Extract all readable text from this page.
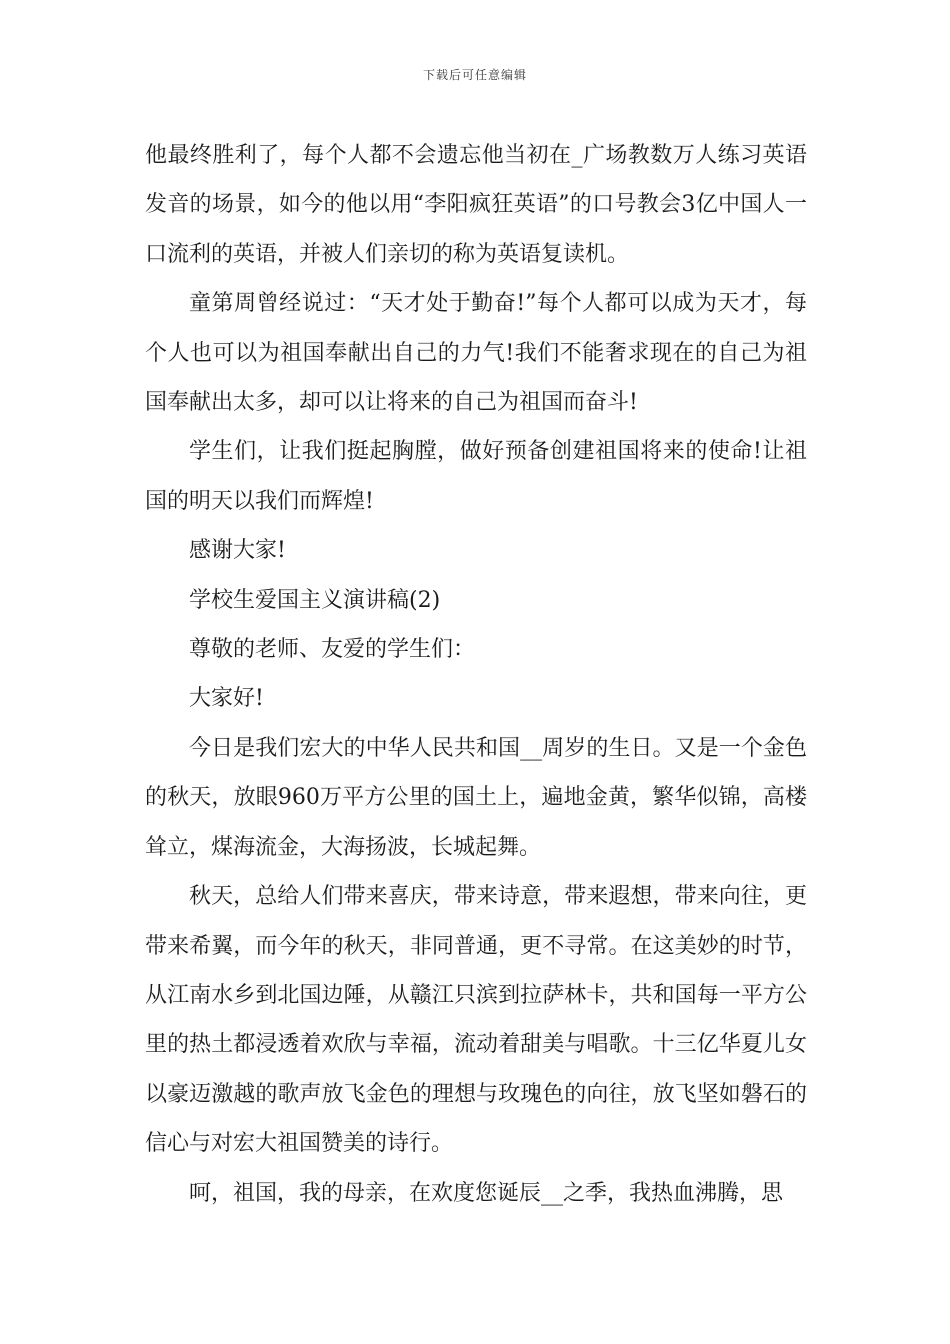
下载后可任意编辑

他最终胜利了，每个人都不会遗忘他当初在_广场教数万人练习英语发音的场景，如今的他以用“李阳疯狂英语”的口号教会3亿中国人一口流利的英语，并被人们亲切的称为英语复读机。

童第周曾经说过：“天才处于勤奋!”每个人都可以成为天才，每个人也可以为祖国奉献出自己的力气!我们不能奢求现在的自己为祖国奉献出太多，却可以让将来的自己为祖国而奋斗!

学生们，让我们挺起胸膛，做好预备创建祖国将来的使命!让祖国的明天以我们而辉煌!

感谢大家!

学校生爱国主义演讲稿(2)

尊敬的老师、友爱的学生们：

大家好!

今日是我们宏大的中华人民共和国__周岁的生日。又是一个金色的秋天，放眼960万平方公里的国土上，遍地金黄，繁华似锦，高楼耸立，煤海流金，大海扬波，长城起舞。

秋天，总给人们带来喜庆，带来诗意，带来遐想，带来向往，更带来希翼，而今年的秋天，非同普通，更不寻常。在这美妙的时节，从江南水乡到北国边陲，从赣江只滨到拉萨林卡，共和国每一平方公里的热土都浸透着欢欣与幸福，流动着甜美与唱歌。十三亿华夏儿女以豪迈激越的歌声放飞金色的理想与玫瑰色的向往，放飞坚如磐石的信心与对宏大祖国赞美的诗行。

呵，祖国，我的母亲，在欢度您诞辰__之季，我热血沸腾，思
